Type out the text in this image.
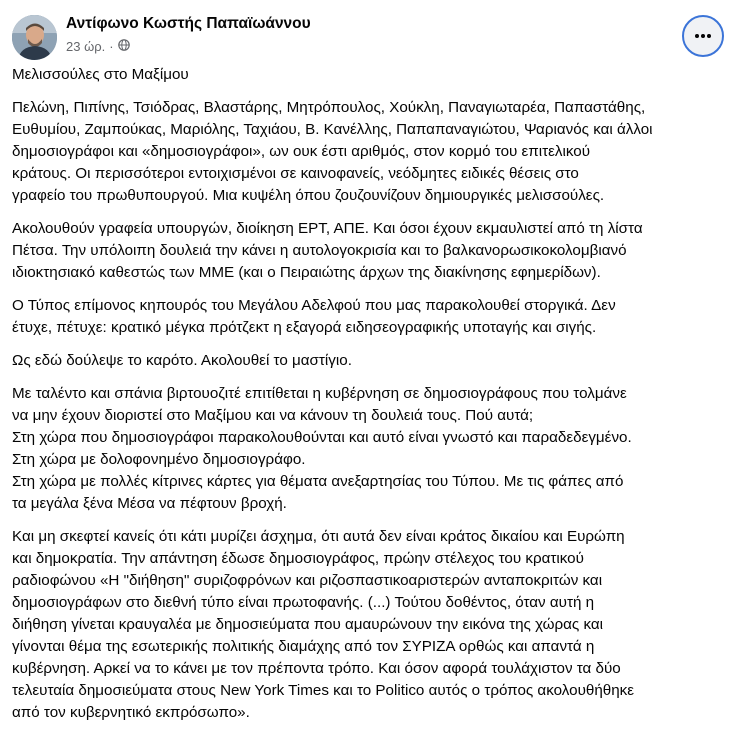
Αντίφωνο Κωστής Παπαϊωάννου
23 ώρ. ·
Μελισσούλες στο Μαξίμου
Πελώνη, Πιπίνης, Τσιόδρας, Βλαστάρης, Μητρόπουλος, Χούκλη, Παναγιωταρέα, Παπαστάθης,
Ευθυμίου, Ζαμπούκας, Μαριόλης, Ταχιάου, Β. Κανέλλης, Παπαπαναγιώτου, Ψαριανός και άλλοι
δημοσιογράφοι και «δημοσιογράφοι», ων ουκ έστι αριθμός, στον κορμό του επιτελικού
κράτους. Οι περισσότεροι εντοιχισμένοι σε καινοφανείς, νεόδμητες ειδικές θέσεις στο
γραφείο του πρωθυπουργού. Μια κυψέλη όπου ζουζουνίζουν δημιουργικές μελισσούλες.
Ακολουθούν γραφεία υπουργών, διοίκηση ΕΡΤ, ΑΠΕ. Και όσοι έχουν εκμαυλιστεί από τη λίστα
Πέτσα. Την υπόλοιπη δουλειά την κάνει η αυτολογοκρισία και το βαλκανορωσικοκολομβιανό
ιδιοκτησιακό καθεστώς των ΜΜΕ (και ο Πειραιώτης άρχων της διακίνησης εφημερίδων).
Ο Τύπος επίμονος κηπουρός του Μεγάλου Αδελφού που μας παρακολουθεί στοργικά. Δεν
έτυχε, πέτυχε: κρατικό μέγκα πρότζεκτ η εξαγορά ειδησεογραφικής υποταγής και σιγής.
Ως εδώ δούλεψε το καρότο. Ακολουθεί το μαστίγιο.
Με ταλέντο και σπάνια βιρτουοζιτέ επιτίθεται η κυβέρνηση σε δημοσιογράφους που τολμάνε
να μην έχουν διοριστεί στο Μαξίμου και να κάνουν τη δουλειά τους. Πού αυτά;
Στη χώρα που δημοσιογράφοι παρακολουθούνται και αυτό είναι γνωστό και παραδεδεγμένο.
Στη χώρα με δολοφονημένο δημοσιογράφο.
Στη χώρα με πολλές κίτρινες κάρτες για θέματα ανεξαρτησίας του Τύπου. Με τις φάπες από
τα μεγάλα ξένα Μέσα να πέφτουν βροχή.
Και μη σκεφτεί κανείς ότι κάτι μυρίζει άσχημα, ότι αυτά δεν είναι κράτος δικαίου και Ευρώπη
και δημοκρατία. Την απάντηση έδωσε δημοσιογράφος, πρώην στέλεχος του κρατικού
ραδιοφώνου «Η "διήθηση" συριζοφρόνων και ριζοσπαστικοαριστερών ανταποκριτών και
δημοσιογράφων στο διεθνή τύπο είναι πρωτοφανής. (...) Τούτου δοθέντος, όταν αυτή η
διήθηση γίνεται κραυγαλέα με δημοσιεύματα που αμαυρώνουν την εικόνα της χώρας και
γίνονται θέμα της εσωτερικής πολιτικής διαμάχης από τον ΣΥΡΙΖΑ ορθώς και απαντά η
κυβέρνηση. Αρκεί να το κάνει με τον πρέποντα τρόπο. Και όσον αφορά τουλάχιστον τα δύο
τελευταία δημοσιεύματα στους New York Times και το Politico αυτός ο τρόπος ακολουθήθηκε
από τον κυβερνητικό εκπρόσωπο».
